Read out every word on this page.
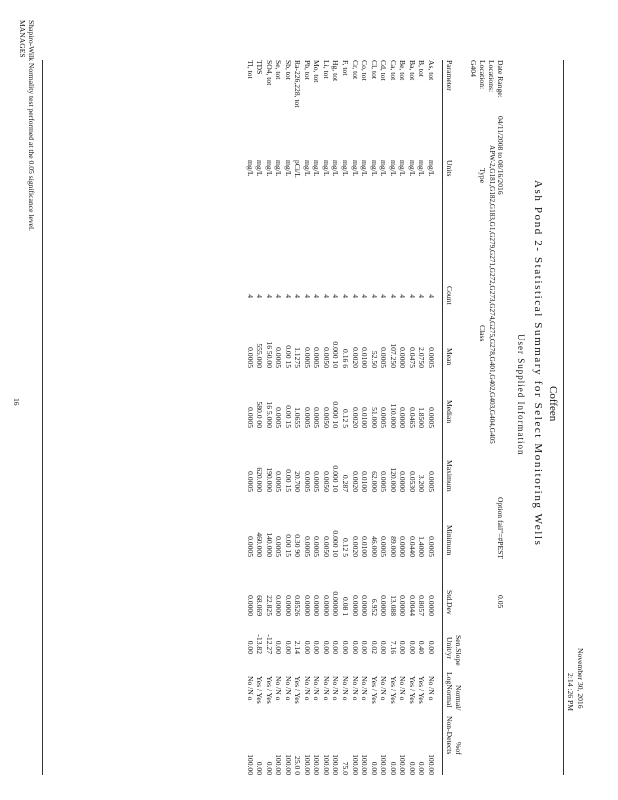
November 30, 2016
2:14 :26 PM
Coffeen
Ash Pond 2- Statistical Summary for Select Monitoring Wells
User Supplied Information
Date Range:
04/11/2008 to 08/16/2016
Locations:
APW-2,G181,G182,G183,G1,G279,G271,G272,G273,G274,G275,G278,G401,G402,G403,G404,G405
Location:
G404
Type
Class
Option fail"=#PEST
0.05
Parameter
Units
Count
Mean
Median
Maximum
Minimum
Std.Dev
Sen.Slope
Unit/yr
Normal/
LogNormal
%of
Non-Detects
As, tot
mg/L
4
0.0005
0.0005
0.0005
0.0005
0.0000
0.00
No /N o
100.00
B, tot
mg/L
4
2.0750
1.8500
3.200
1.4000
0.8057
0.40
Yes / Yes
0.00
Ba, tot
mg/L
4
0.0475
0.0465
0.0530
0.0440
0.0044
0.00
Yes / Yes
0.00
Be, tot
mg/L
4
0.0000
0.0000
0.0000
0.0000
0.0000
0.00
No /N o
100.00
Ca, tot
mg/L
4
107.250
110.000
120.000
89.000
13.088
7.16
Yes / Yes
0.00
Cd, tot
mg/L
4
0.0005
0.0005
0.0005
0.0005
0.0000
0.00
No /N o
100.00
Cl, tot
mg/L
4
52.50
51.000
62.000
46.000
6.952
0.02
Yes / Yes
0.00
Co, tot
mg/L
4
0.0100
0.0100
0.0100
0.0100
0.0000
0.00
No /N o
100.00
Cr, tot
mg/L
4
0.0020
0.0020
0.0020
0.0020
0.0000
0.00
No /N o
100.00
F, tot
mg/L
4
0.16 6
0.12 5
0.287
0.12 5
0.08 1
0.00
No /N o
75.0
Hg, tot
mg/L
4
0.000 10
0.000 10
0.000 10
0.000 10
0.00000
0.00
No /N o
100.00
Li, tot
mg/L
4
0.0050
0.0050
0.0050
0.0050
0.0000
0.00
No /N o
100.00
Mo, tot
mg/L
4
0.0005
0.0005
0.0005
0.0005
0.0000
0.00
No /N o
100.00
Pb, tot
mg/L
4
0.0005
0.0005
0.0005
0.0005
0.0000
0.00
No /N o
100.00
Ra-226,228, tot
pCi/L
4
1.1275
1.0655
20.700
0.30 90
0.8526
2.14
Yes / Yes
25.0 0
Sb, tot
mg/L
4
0.00 15
0.00 15
0.00 15
0.00 15
0.0000
0.00
No /N o
100.00
Se, tot
mg/L
4
0.0005
0.0005
0.0005
0.0005
0.0000
0.00
No /N o
100.00
SO4, tot
mg/L
4
16 50.00
16 5.000
190.000
140.000
22.825
-12.27
Yes / Yes
0.00
TDS
mg/L
4
555.000
580.0 00
620.000
460.000
68.069
-13.82
Yes / Yes
0.00
Tl, tot
mg/L
4
0.0005
0.0005
0.0005
0.0005
0.0000
0.00
No /N o
100.00
Shapiro-Wilk Normality test performed at the 0.05 significance level.
MANAGES
16
